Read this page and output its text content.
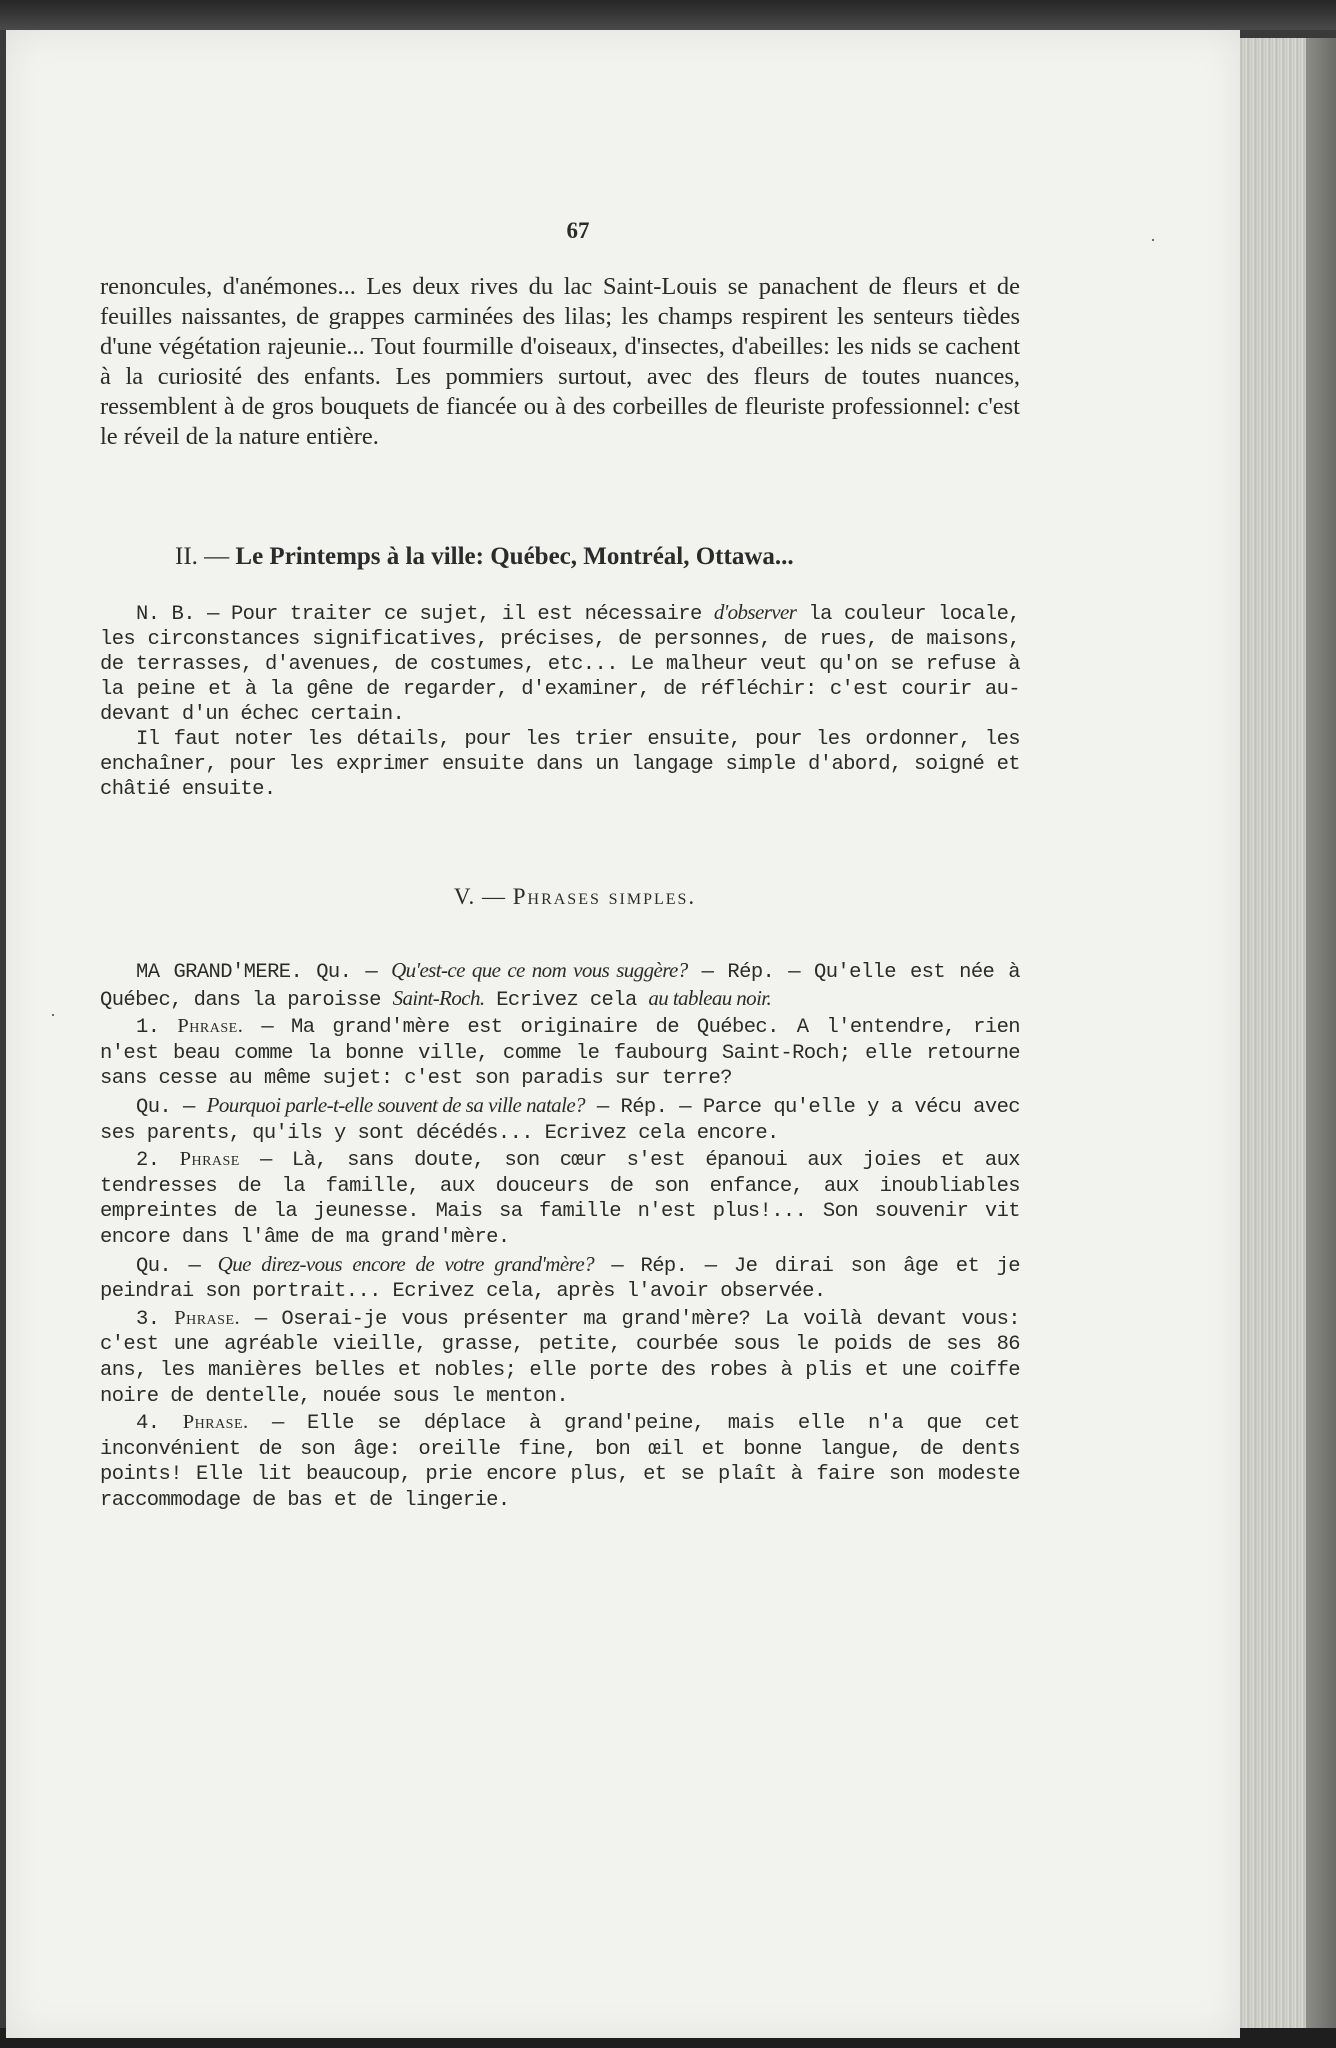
·
·
67
renoncules, d'anémones... Les deux rives du lac Saint-Louis se panachent de fleurs et de feuilles naissantes, de grappes carminées des lilas; les champs respirent les senteurs tièdes d'une végétation rajeunie... Tout fourmille d'oiseaux, d'insectes, d'abeilles: les nids se cachent à la curiosité des enfants. Les pommiers surtout, avec des fleurs de toutes nuances, ressemblent à de gros bouquets de fiancée ou à des corbeilles de fleuriste professionnel: c'est le réveil de la nature entière.
II. — Le Printemps à la ville: Québec, Montréal, Ottawa...

N. B. — Pour traiter ce sujet, il est nécessaire d'observer la couleur locale, les circonstances significatives, précises, de personnes, de rues, de maisons, de terrasses, d'avenues, de costumes, etc... Le malheur veut qu'on se refuse à la peine et à la gêne de regarder, d'examiner, de réfléchir: c'est courir au-devant d'un échec certain.

Il faut noter les détails, pour les trier ensuite, pour les ordonner, les enchaîner, pour les exprimer ensuite dans un langage simple d'abord, soigné et châtié ensuite.

V. — Phrases simples.

MA GRAND'MERE. Qu. — Qu'est-ce que ce nom vous suggère? — Rép. — Qu'elle est née à Québec, dans la paroisse Saint-Roch. Ecrivez cela au tableau noir.

1. Phrase. — Ma grand'mère est originaire de Québec. A l'entendre, rien n'est beau comme la bonne ville, comme le faubourg Saint-Roch; elle retourne sans cesse au même sujet: c'est son paradis sur terre?

Qu. — Pourquoi parle-t-elle souvent de sa ville natale? — Rép. — Parce qu'elle y a vécu avec ses parents, qu'ils y sont décédés... Ecrivez cela encore.

2. Phrase — Là, sans doute, son cœur s'est épanoui aux joies et aux tendresses de la famille, aux douceurs de son enfance, aux inoubliables empreintes de la jeunesse. Mais sa famille n'est plus!... Son souvenir vit encore dans l'âme de ma grand'mère.

Qu. — Que direz-vous encore de votre grand'mère? — Rép. — Je dirai son âge et je peindrai son portrait... Ecrivez cela, après l'avoir observée.

3. Phrase. — Oserai-je vous présenter ma grand'mère? La voilà devant vous: c'est une agréable vieille, grasse, petite, courbée sous le poids de ses 86 ans, les manières belles et nobles; elle porte des robes à plis et une coiffe noire de dentelle, nouée sous le menton.

4. Phrase. — Elle se déplace à grand'peine, mais elle n'a que cet inconvénient de son âge: oreille fine, bon œil et bonne langue, de dents points! Elle lit beaucoup, prie encore plus, et se plaît à faire son modeste raccommodage de bas et de lingerie.
